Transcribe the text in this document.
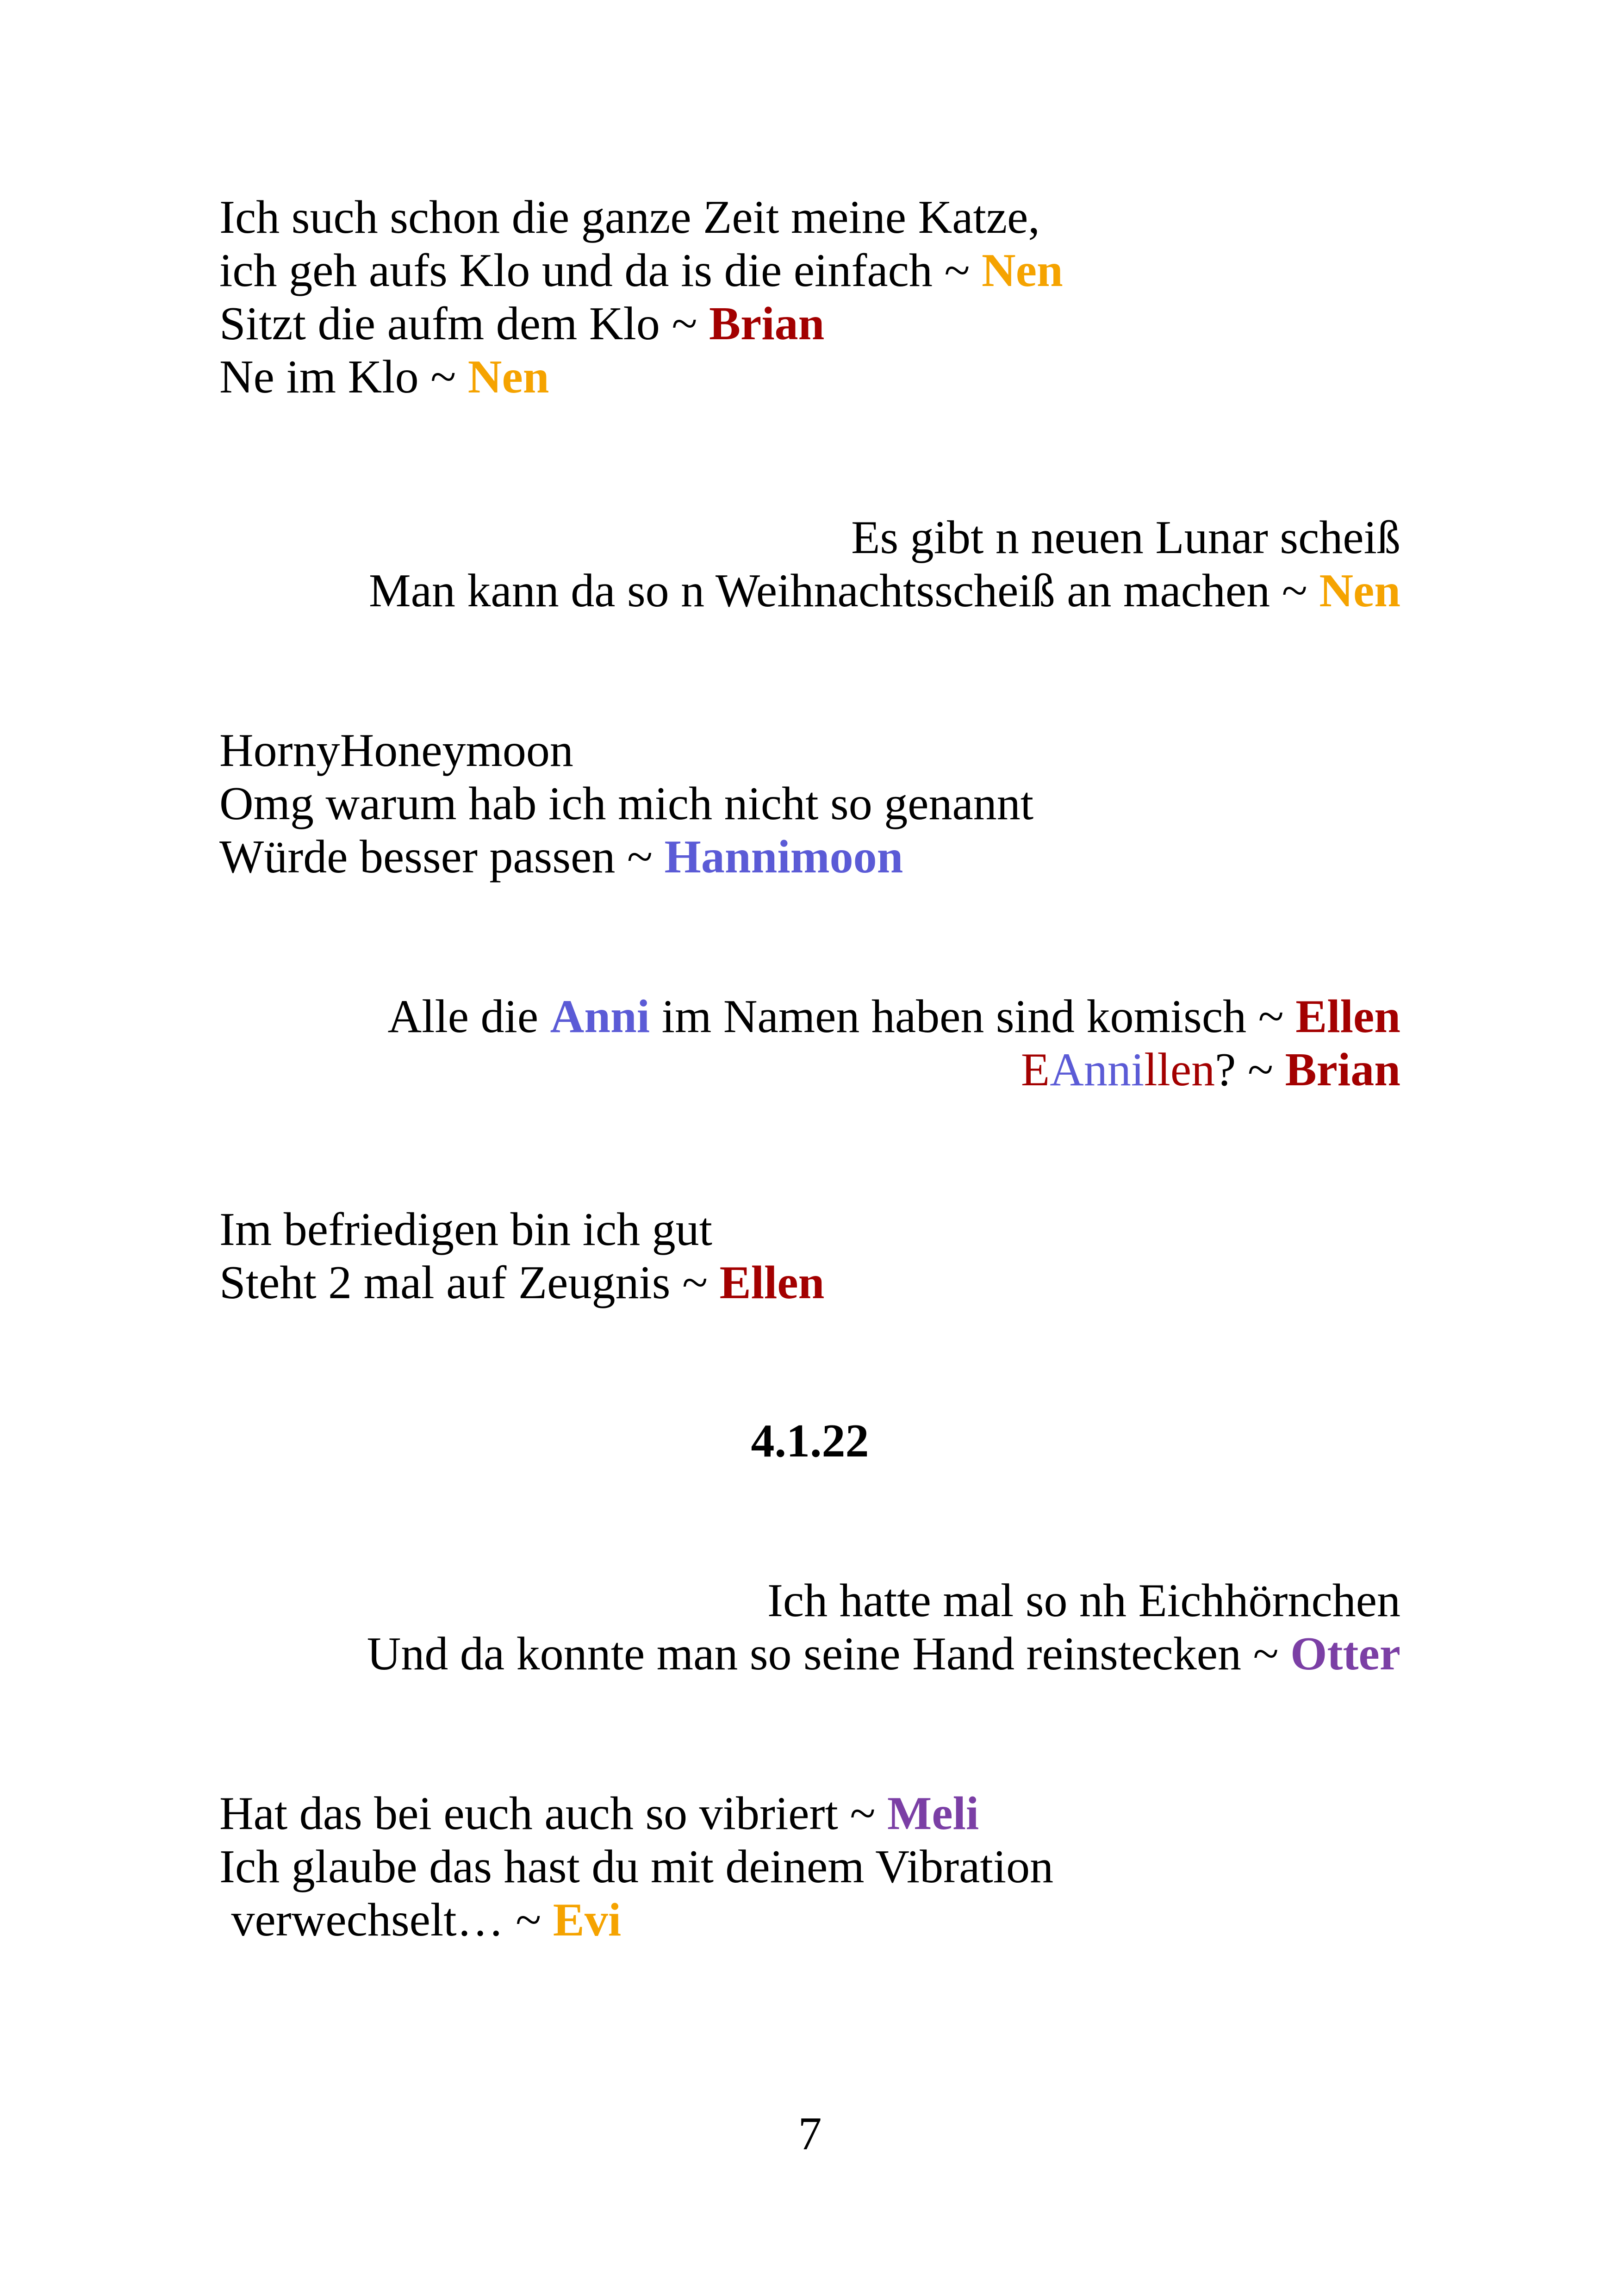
Ich such schon die ganze Zeit meine Katze,
ich geh aufs Klo und da is die einfach ~ Nen
Sitzt die aufm dem Klo ~ Brian
Ne im Klo ~ Nen
Es gibt n neuen Lunar scheiß
Man kann da so n Weihnachtsscheiß an machen ~ Nen
HornyHoneymoon
Omg warum hab ich mich nicht so genannt
Würde besser passen ~ Hannimoon
Alle die Anni im Namen haben sind komisch ~ Ellen
EAnnillen? ~ Brian
Im befriedigen bin ich gut
Steht 2 mal auf Zeugnis ~ Ellen
4.1.22
Ich hatte mal so nh Eichhörnchen
Und da konnte man so seine Hand reinstecken ~ Otter
Hat das bei euch auch so vibriert ~ Meli
Ich glaube das hast du mit deinem Vibration
verwechselt… ~ Evi
7
